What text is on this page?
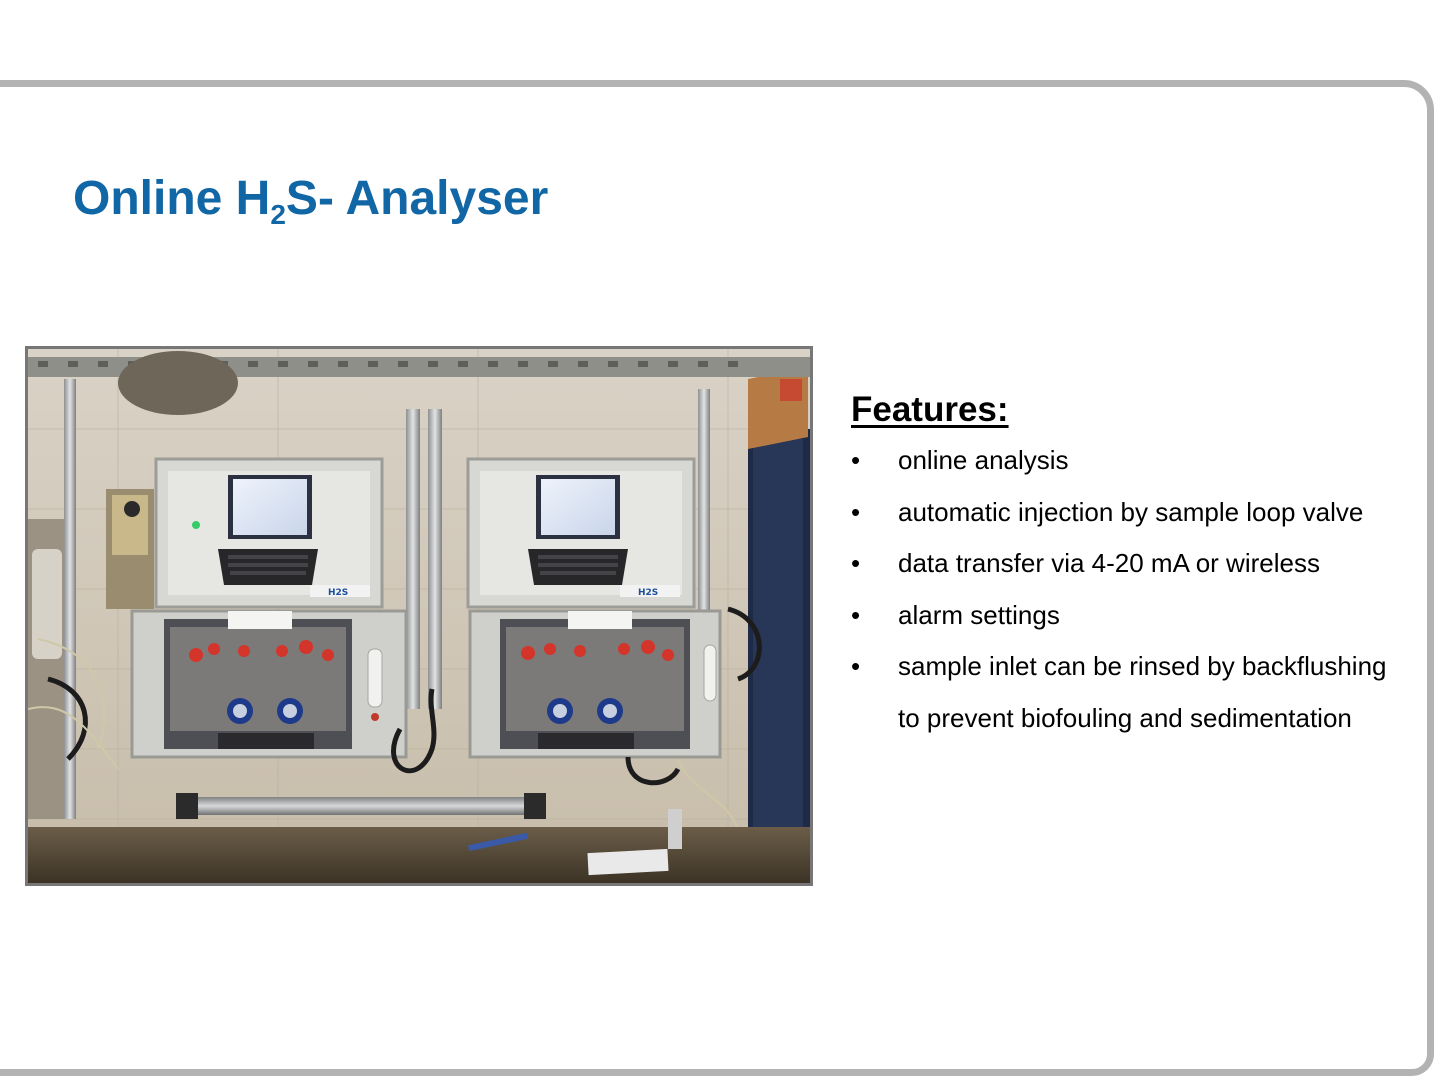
Online $H_2S-$ Analyser
H2S	H2S
Features:
• online analysis
• automatic injection by sample loop valve
• data transfer via 4-20 mA or wireless
• alarm settings
• sample inlet can be rinsed by backflushing to prevent biofouling and sedimentation
